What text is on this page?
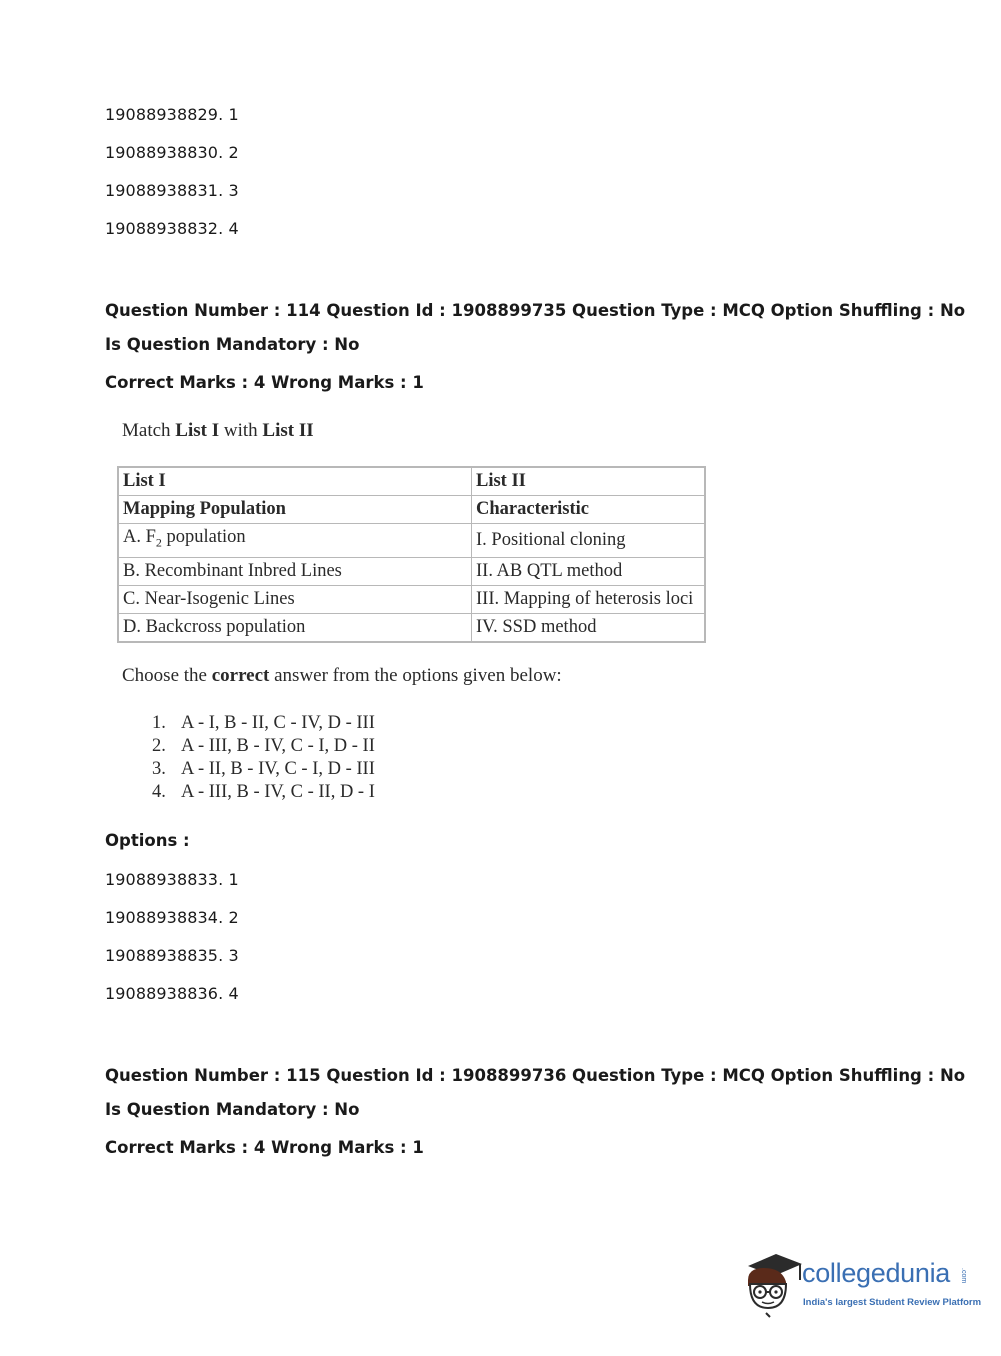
19088938829. 1
19088938830. 2
19088938831. 3
19088938832. 4
Question Number : 114 Question Id : 1908899735 Question Type : MCQ Option Shuffling : No
Is Question Mandatory : No
Correct Marks : 4 Wrong Marks : 1
Match List I with List II
List I	List II
Mapping Population	Characteristic
A. $F_2$ population	I. Positional cloning
B. Recombinant Inbred Lines	II. AB QTL method
C. Near-Isogenic Lines	III. Mapping of heterosis loci
D. Backcross population	IV. SSD method
Choose the correct answer from the options given below:
1. A - I, B - II, C - IV, D - III
2. A - III, B - IV, C - I, D - II
3. A - II, B - IV, C - I, D - III
4. A - III, B - IV, C - II, D - I
Options :
19088938833. 1
19088938834. 2
19088938835. 3
19088938836. 4
Question Number : 115 Question Id : 1908899736 Question Type : MCQ Option Shuffling : No
Is Question Mandatory : No
Correct Marks : 4 Wrong Marks : 1
collegedunia .com
India's largest Student Review Platform
